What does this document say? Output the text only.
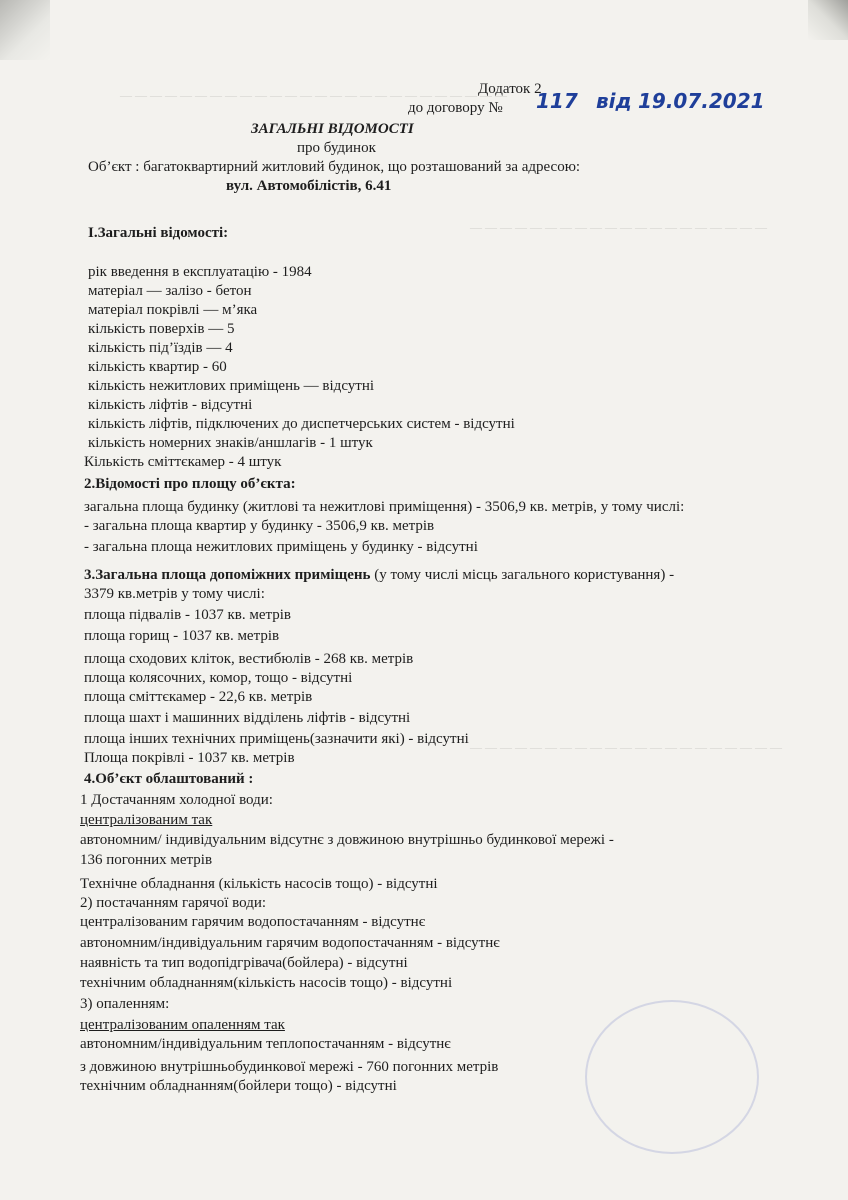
— — — — — — — — — — — — — — — — — — — — — — — — — —
— — — — — — — — — — — — — — — — — — — —
— — — — — — — — — — — — — — — — — — — — —
Додаток 2
до договору № 117 від 19.07.2021
ЗАГАЛЬНІ ВІДОМОСТІ
про будинок
Об’єкт : багатоквартирний житловий будинок, що розташований за адресою:
вул. Автомобілістів, 6.41
I.Загальні відомості:
рік введення в експлуатацію - 1984
матеріал — залізо - бетон
матеріал покрівлі — м’яка
кількість поверхів — 5
кількість під’їздів — 4
кількість квартир - 60
кількість нежитлових приміщень — відсутні
кількість ліфтів - відсутні
кількість ліфтів, підключених до диспетчерських систем - відсутні
кількість номерних знаків/аншлагів - 1 штук
Кількість сміттєкамер - 4 штук
2.Відомості про площу об’єкта:
загальна площа будинку (житлові та нежитлові приміщення) - 3506,9 кв. метрів, у тому числі:
- загальна площа квартир у будинку - 3506,9 кв. метрів
- загальна площа нежитлових приміщень у будинку - відсутні
3.Загальна площа допоміжних приміщень (у тому числі місць загального користування) -
3379 кв.метрів у тому числі:
площа підвалів - 1037 кв. метрів
площа горищ - 1037 кв. метрів
площа сходових кліток, вестибюлів - 268 кв. метрів
площа колясочних, комор, тощо - відсутні
площа сміттєкамер - 22,6 кв. метрів
площа шахт і машинних відділень ліфтів - відсутні
площа інших технічних приміщень(зазначити які) - відсутні
Площа покрівлі - 1037 кв. метрів
4.Об’єкт облаштований :
1 Достачанням холодної води:
централізованим так
автономним/ індивідуальним відсутнє з довжиною внутрішньо будинкової мережі -
136 погонних метрів
Технічне обладнання (кількість насосів тощо) - відсутні
2) постачанням гарячої води:
централізованим гарячим водопостачанням - відсутнє
автономним/індивідуальним гарячим водопостачанням - відсутнє
наявність та тип водопідгрівача(бойлера) - відсутні
технічним обладнанням(кількість насосів тощо) - відсутні
3) опаленням:
централізованим опаленням так
автономним/індивідуальним теплопостачанням - відсутнє
з довжиною внутрішньобудинкової мережі - 760 погонних метрів
технічним обладнанням(бойлери тощо) - відсутні
